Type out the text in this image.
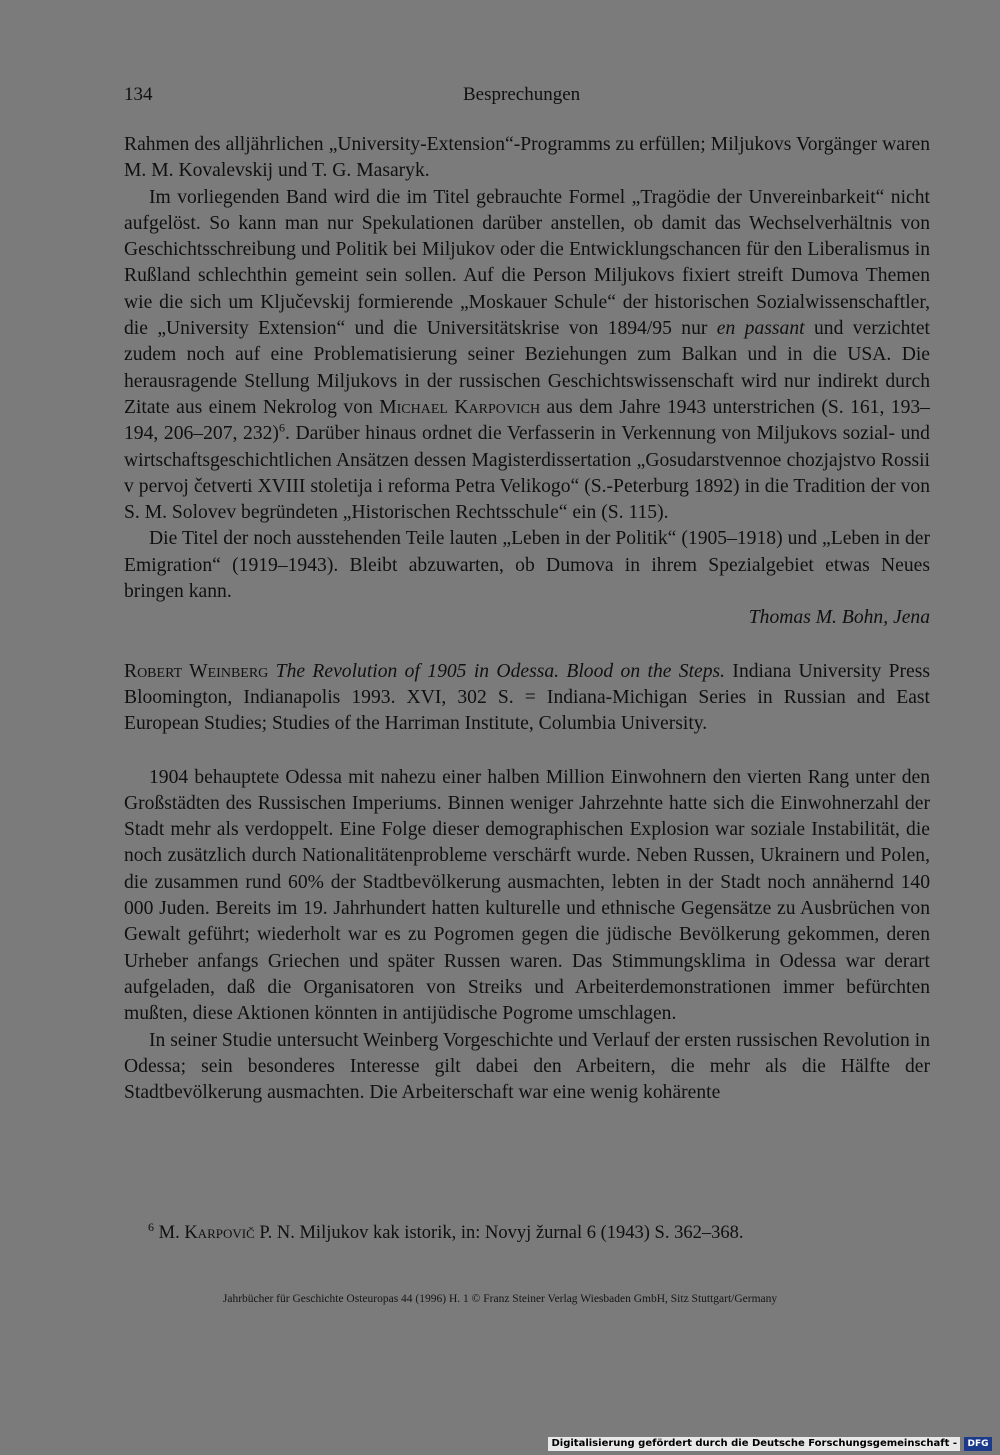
134	Besprechungen

Rahmen des alljährlichen „University-Extension“-Programms zu erfüllen; Miljukovs Vorgänger waren M. M. Kovalevskij und T. G. Masaryk.

Im vorliegenden Band wird die im Titel gebrauchte Formel „Tragödie der Unvereinbarkeit“ nicht aufgelöst. So kann man nur Spekulationen darüber anstellen, ob damit das Wechselverhältnis von Geschichtsschreibung und Politik bei Miljukov oder die Entwicklungschancen für den Liberalismus in Rußland schlechthin gemeint sein sollen. Auf die Person Miljukovs fixiert streift Dumova Themen wie die sich um Ključevskij formierende „Moskauer Schule“ der historischen Sozialwissenschaftler, die „University Extension“ und die Universitätskrise von 1894/95 nur en passant und verzichtet zudem noch auf eine Problematisierung seiner Beziehungen zum Balkan und in die USA. Die herausragende Stellung Miljukovs in der russischen Geschichtswissenschaft wird nur indirekt durch Zitate aus einem Nekrolog von Michael Karpovich aus dem Jahre 1943 unterstrichen (S. 161, 193–194, 206–207, 232)$^6$. Darüber hinaus ordnet die Verfasserin in Verkennung von Miljukovs sozial- und wirtschaftsgeschichtlichen Ansätzen dessen Magisterdissertation „Gosudarstvennoe chozjajstvo Rossii v pervoj četverti XVIII stoletija i reforma Petra Velikogo“ (S.-Peterburg 1892) in die Tradition der von S. M. Solovev begründeten „Historischen Rechtsschule“ ein (S. 115).

Die Titel der noch ausstehenden Teile lauten „Leben in der Politik“ (1905–1918) und „Leben in der Emigration“ (1919–1943). Bleibt abzuwarten, ob Dumova in ihrem Spezialgebiet etwas Neues bringen kann.

Thomas M. Bohn, Jena

Robert Weinberg The Revolution of 1905 in Odessa. Blood on the Steps. Indiana University Press Bloomington, Indianapolis 1993. XVI, 302 S. = Indiana-Michigan Series in Russian and East European Studies; Studies of the Harriman Institute, Columbia University.

1904 behauptete Odessa mit nahezu einer halben Million Einwohnern den vierten Rang unter den Großstädten des Russischen Imperiums. Binnen weniger Jahrzehnte hatte sich die Einwohnerzahl der Stadt mehr als verdoppelt. Eine Folge dieser demographischen Explosion war soziale Instabilität, die noch zusätzlich durch Nationalitätenprobleme verschärft wurde. Neben Russen, Ukrainern und Polen, die zusammen rund 60% der Stadtbevölkerung ausmachten, lebten in der Stadt noch annähernd 140 000 Juden. Bereits im 19. Jahrhundert hatten kulturelle und ethnische Gegensätze zu Ausbrüchen von Gewalt geführt; wiederholt war es zu Pogromen gegen die jüdische Bevölkerung gekommen, deren Urheber anfangs Griechen und später Russen waren. Das Stimmungsklima in Odessa war derart aufgeladen, daß die Organisatoren von Streiks und Arbeiterdemonstrationen immer befürchten mußten, diese Aktionen könnten in antijüdische Pogrome umschlagen.

In seiner Studie untersucht Weinberg Vorgeschichte und Verlauf der ersten russischen Revolution in Odessa; sein besonderes Interesse gilt dabei den Arbeitern, die mehr als die Hälfte der Stadtbevölkerung ausmachten. Die Arbeiterschaft war eine wenig kohärente

$^6$ M. Karpovič P. N. Miljukov kak istorik, in: Novyj žurnal 6 (1943) S. 362–368.

Jahrbücher für Geschichte Osteuropas 44 (1996) H. 1 © Franz Steiner Verlag Wiesbaden GmbH, Sitz Stuttgart/Germany

Digitalisierung gefördert durch die Deutsche Forschungsgemeinschaft -	DFG
